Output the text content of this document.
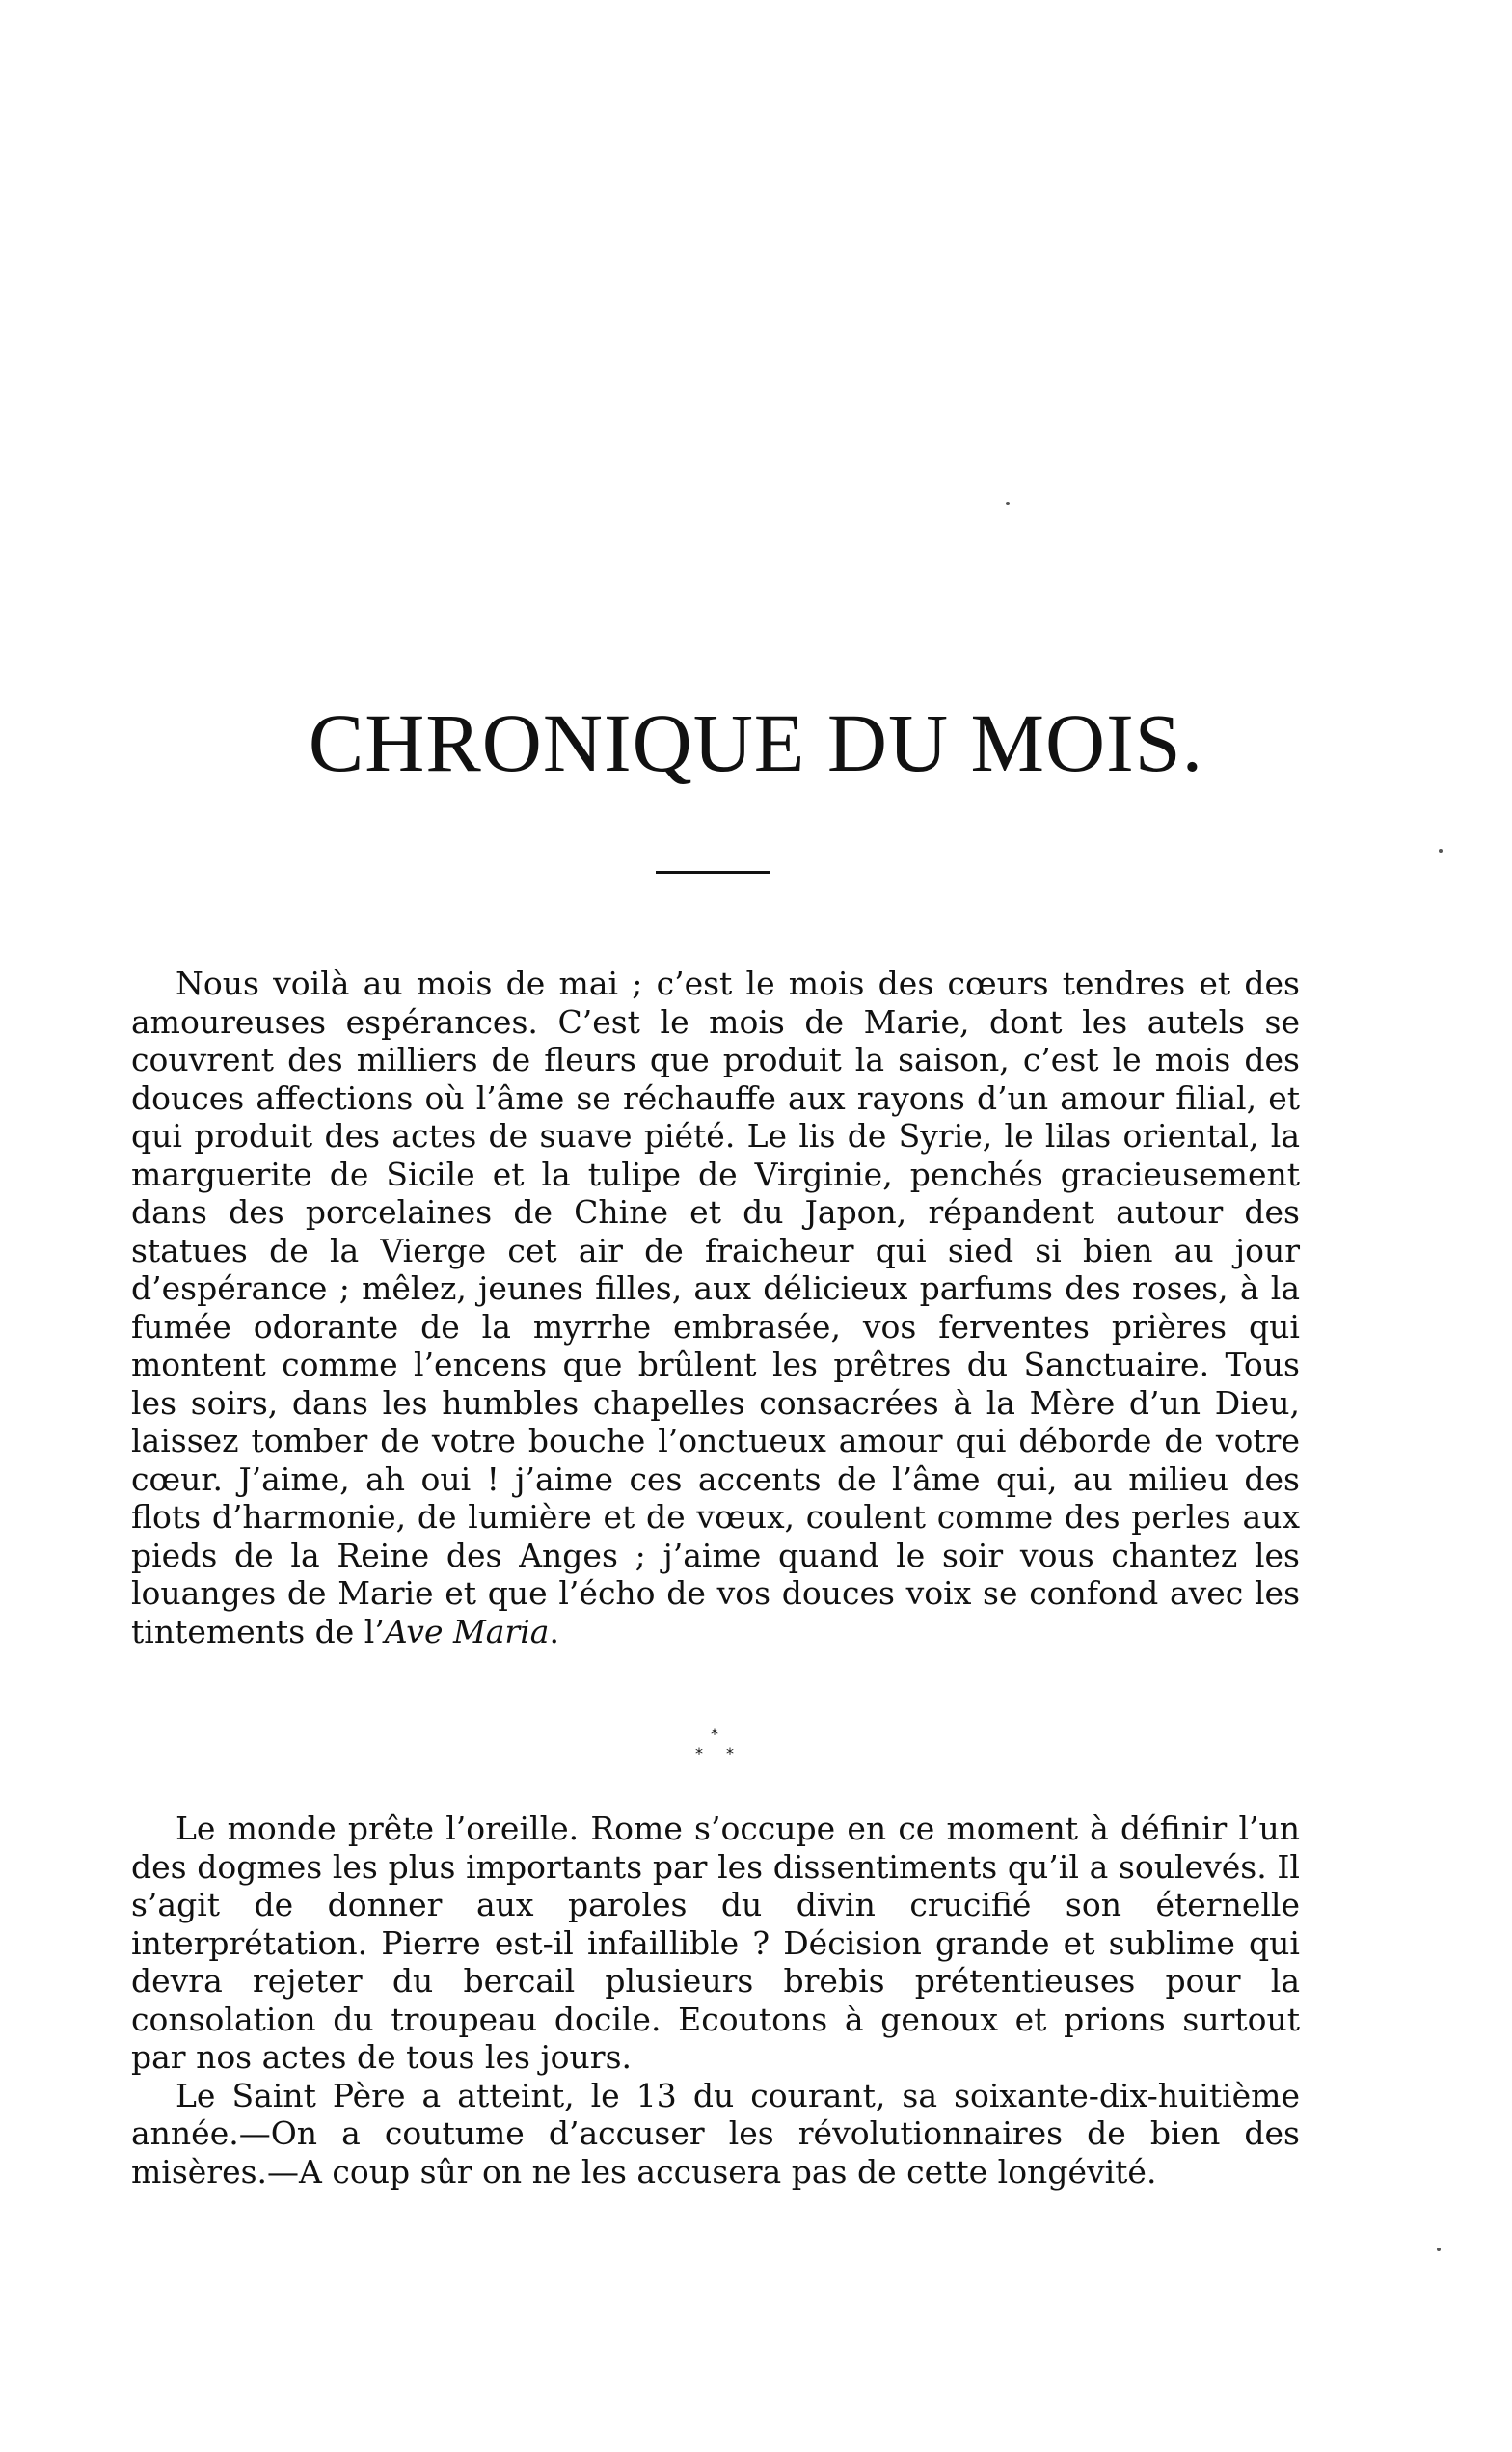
CHRONIQUE DU MOIS.

Nous voilà au mois de mai ; c’est le mois des cœurs tendres et des amoureuses espérances. C’est le mois de Marie, dont les autels se couvrent des milliers de fleurs que produit la saison, c’est le mois des douces affections où l’âme se réchauffe aux rayons d’un amour filial, et qui produit des actes de suave piété. Le lis de Syrie, le lilas oriental, la marguerite de Sicile et la tulipe de Virginie, penchés gracieusement dans des porcelaines de Chine et du Japon, répandent autour des statues de la Vierge cet air de fraicheur qui sied si bien au jour d’espérance ; mêlez, jeunes filles, aux délicieux parfums des roses, à la fumée odorante de la myrrhe embrasée, vos ferventes prières qui montent comme l’encens que brûlent les prêtres du Sanctuaire. Tous les soirs, dans les humbles chapelles consacrées à la Mère d’un Dieu, laissez tomber de votre bouche l’onctueux amour qui déborde de votre cœur. J’aime, ah oui ! j’aime ces accents de l’âme qui, au milieu des flots d’harmonie, de lumière et de vœux, coulent comme des perles aux pieds de la Reine des Anges ; j’aime quand le soir vous chantez les louanges de Marie et que l’écho de vos douces voix se confond avec les tintements de l’Ave Maria.

*
* *

Le monde prête l’oreille. Rome s’occupe en ce moment à définir l’un des dogmes les plus importants par les dissentiments qu’il a soulevés. Il s’agit de donner aux paroles du divin crucifié son éternelle interprétation. Pierre est-il infaillible ? Décision grande et sublime qui devra rejeter du bercail plusieurs brebis prétentieuses pour la consolation du troupeau docile. Ecoutons à genoux et prions surtout par nos actes de tous les jours.

Le Saint Père a atteint, le 13 du courant, sa soixante-dix-huitième année.—On a coutume d’accuser les révolutionnaires de bien des misères.—A coup sûr on ne les accusera pas de cette longévité.
